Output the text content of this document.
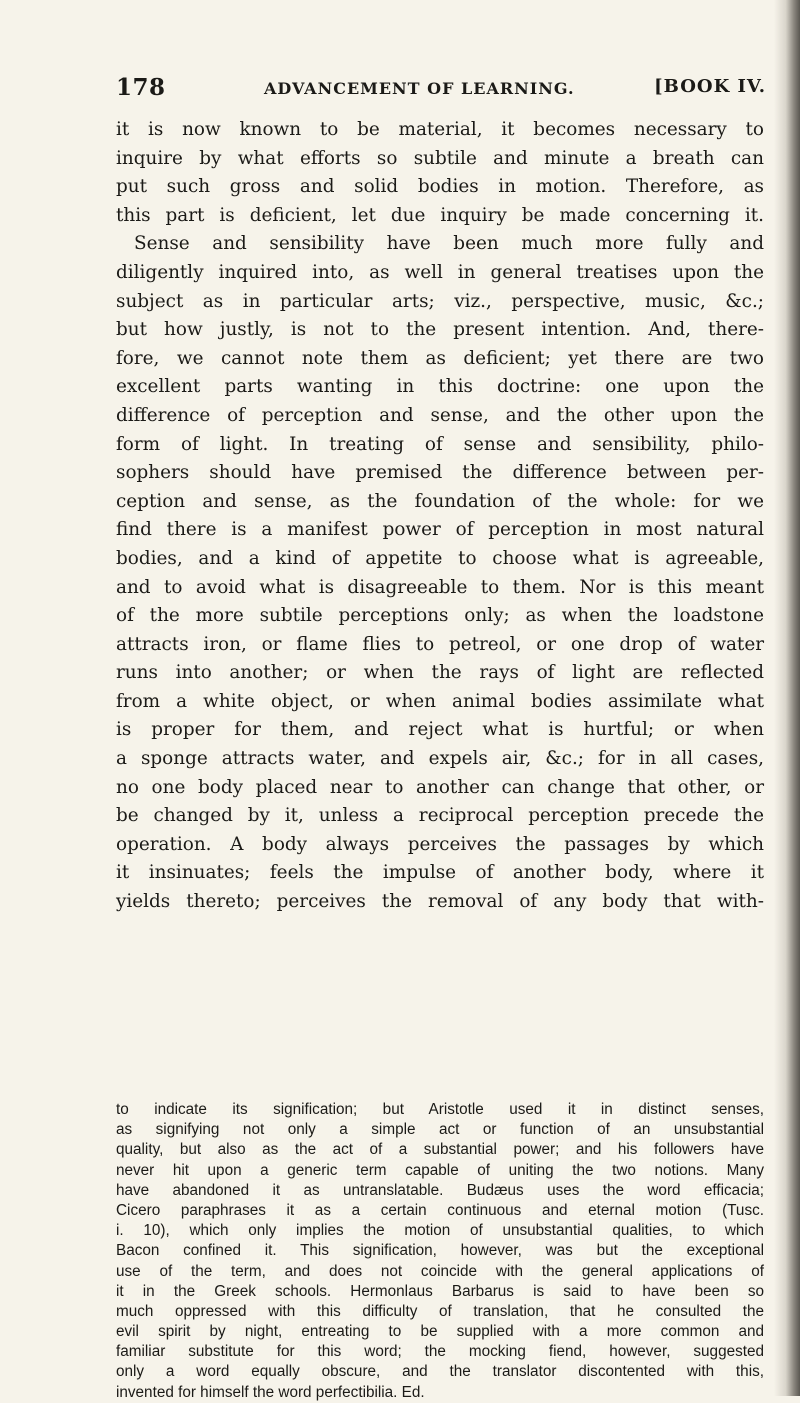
178	ADVANCEMENT OF LEARNING.	[BOOK IV.
it is now known to be material, it becomes necessary to
inquire by what efforts so subtile and minute a breath can
put such gross and solid bodies in motion. Therefore, as
this part is deficient, let due inquiry be made concerning it.
Sense and sensibility have been much more fully and
diligently inquired into, as well in general treatises upon the
subject as in particular arts; viz., perspective, music, &c.;
but how justly, is not to the present intention. And, there-
fore, we cannot note them as deficient; yet there are two
excellent parts wanting in this doctrine: one upon the
difference of perception and sense, and the other upon the
form of light. In treating of sense and sensibility, philo-
sophers should have premised the difference between per-
ception and sense, as the foundation of the whole: for we
find there is a manifest power of perception in most natural
bodies, and a kind of appetite to choose what is agreeable,
and to avoid what is disagreeable to them. Nor is this meant
of the more subtile perceptions only; as when the loadstone
attracts iron, or flame flies to petreol, or one drop of water
runs into another; or when the rays of light are reflected
from a white object, or when animal bodies assimilate what
is proper for them, and reject what is hurtful; or when
a sponge attracts water, and expels air, &c.; for in all cases,
no one body placed near to another can change that other, or
be changed by it, unless a reciprocal perception precede the
operation. A body always perceives the passages by which
it insinuates; feels the impulse of another body, where it
yields thereto; perceives the removal of any body that with-
to indicate its signification; but Aristotle used it in distinct senses,
as signifying not only a simple act or function of an unsubstantial
quality, but also as the act of a substantial power; and his followers have
never hit upon a generic term capable of uniting the two notions. Many
have abandoned it as untranslatable. Budæus uses the word efficacia;
Cicero paraphrases it as a certain continuous and eternal motion (Tusc.
i. 10), which only implies the motion of unsubstantial qualities, to which
Bacon confined it. This signification, however, was but the exceptional
use of the term, and does not coincide with the general applications of
it in the Greek schools. Hermonlaus Barbarus is said to have been so
much oppressed with this difficulty of translation, that he consulted the
evil spirit by night, entreating to be supplied with a more common and
familiar substitute for this word; the mocking fiend, however, suggested
only a word equally obscure, and the translator discontented with this,
invented for himself the word perfectibilia. Ed.
